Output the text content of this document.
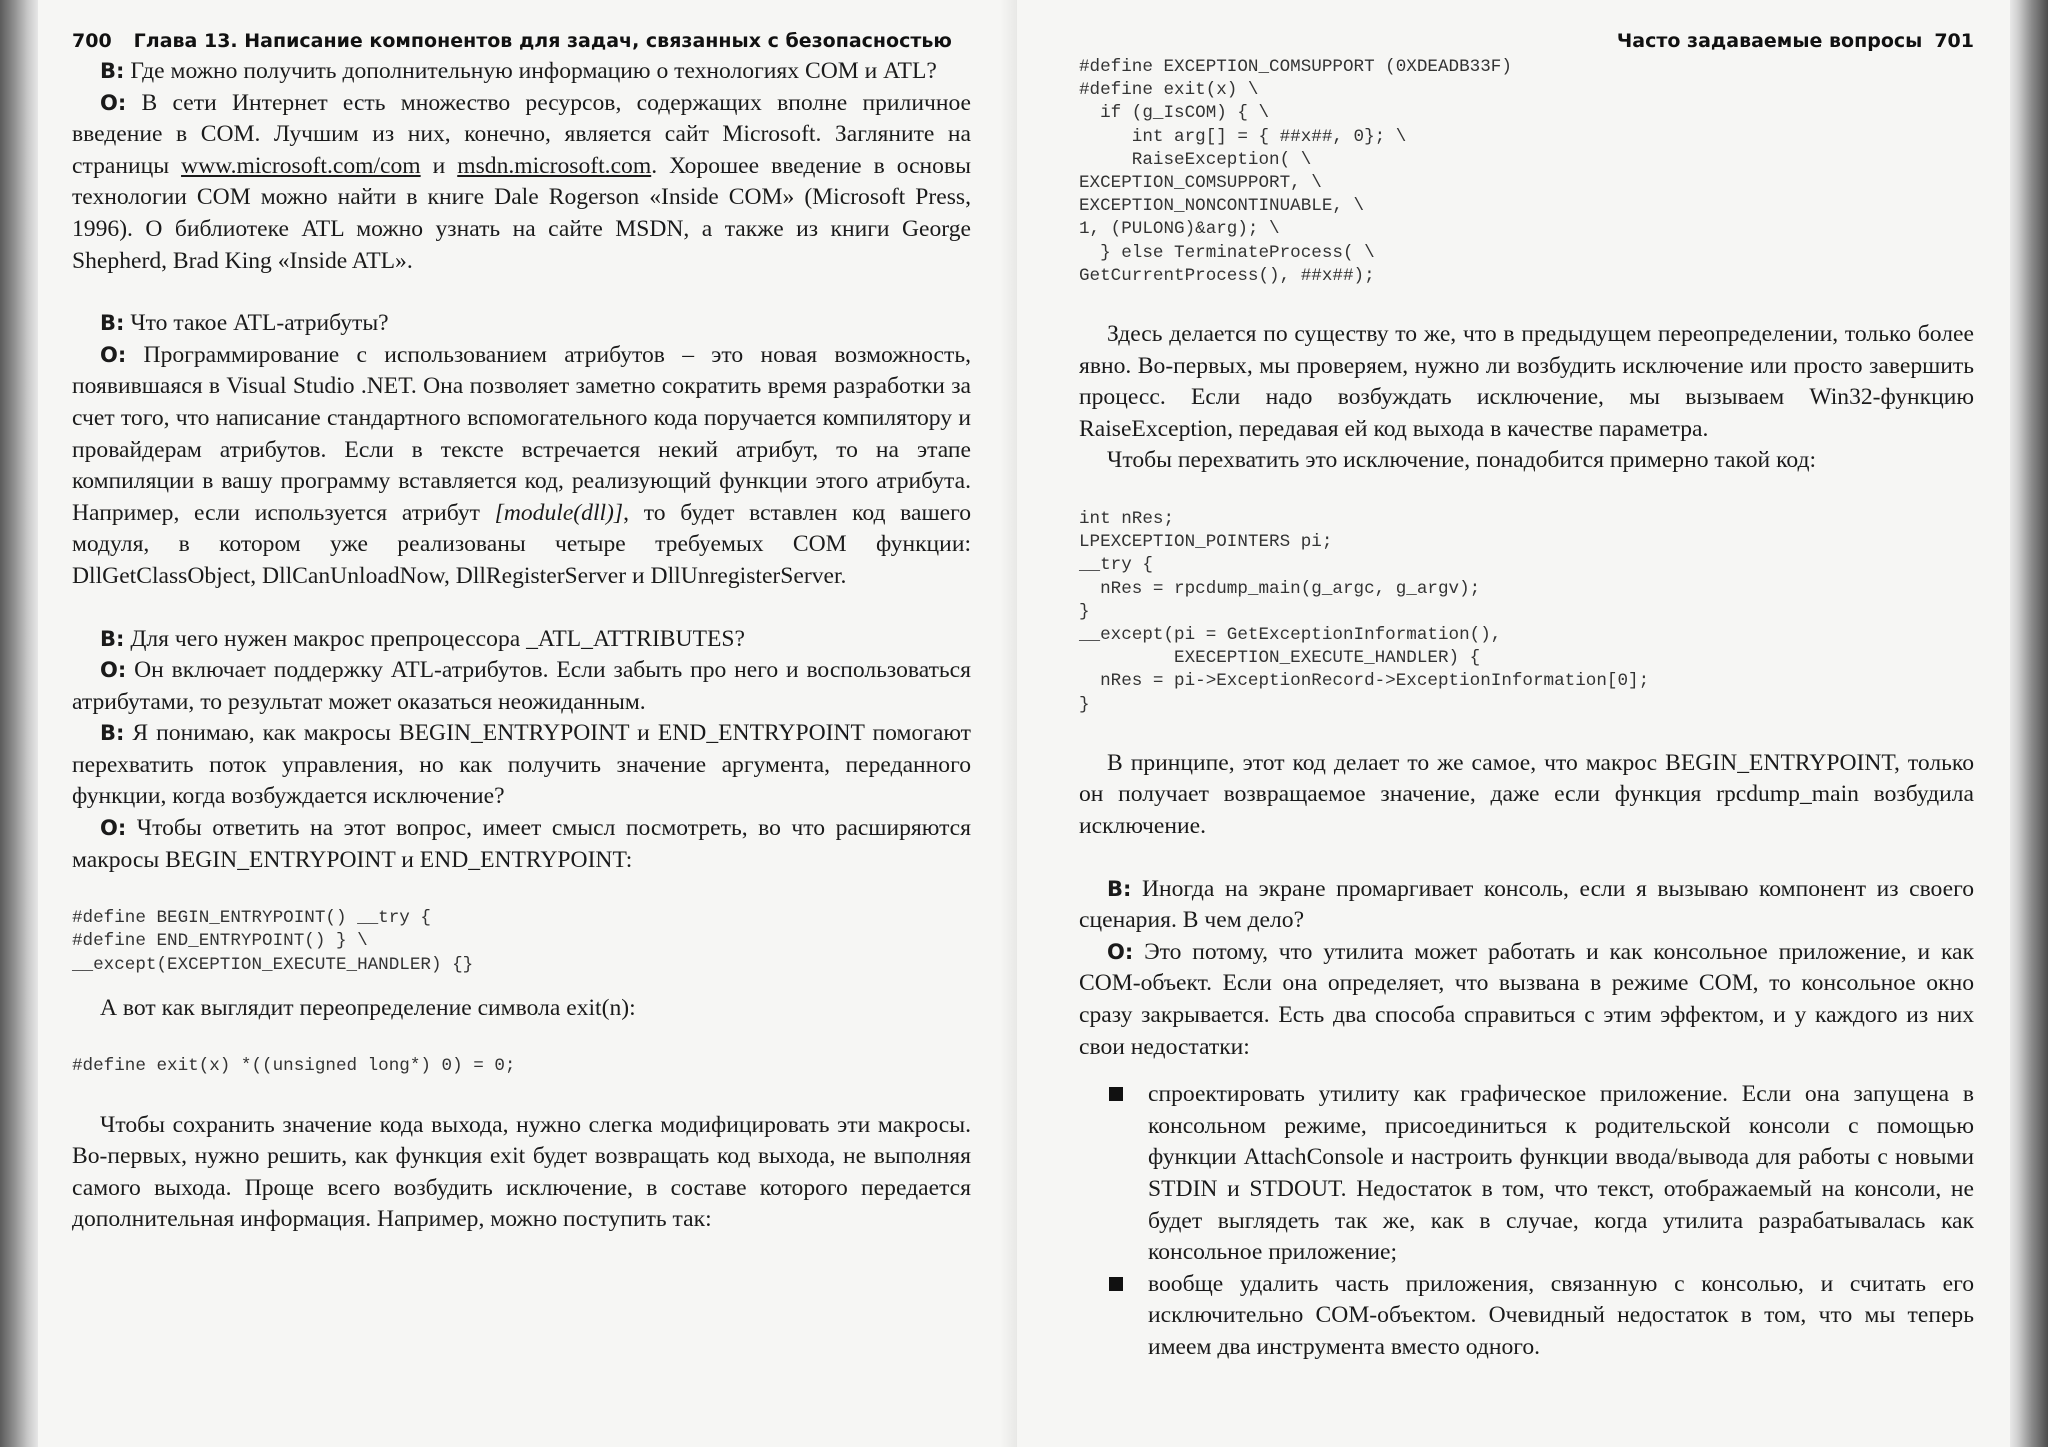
700 Глава 13. Написание компонентов для задач, связанных с безопасностью

В: Где можно получить дополнительную информацию о технологиях COM и ATL?

О: В сети Интернет есть множество ресурсов, содержащих вполне приличное введение в COM. Лучшим из них, конечно, является сайт Microsoft. Загляните на страницы www.microsoft.com/com и msdn.microsoft.com. Хорошее введение в основы технологии COM можно найти в книге Dale Rogerson «Inside COM» (Microsoft Press, 1996). О библиотеке ATL можно узнать на сайте MSDN, а также из книги George Shepherd, Brad King «Inside ATL».

В: Что такое ATL-атрибуты?

О: Программирование с использованием атрибутов – это новая возможность, появившаяся в Visual Studio .NET. Она позволяет заметно сократить время разработки за счет того, что написание стандартного вспомогательного кода поручается компилятору и провайдерам атрибутов. Если в тексте встречается некий атрибут, то на этапе компиляции в вашу программу вставляется код, реализующий функции этого атрибута. Например, если используется атрибут [module(dll)], то будет вставлен код вашего модуля, в котором уже реализованы четыре требуемых COM функции: DllGetClassObject, DllCanUnloadNow, DllRegisterServer и DllUnregisterServer.

В: Для чего нужен макрос препроцессора _ATL_ATTRIBUTES?

О: Он включает поддержку ATL-атрибутов. Если забыть про него и воспользоваться атрибутами, то результат может оказаться неожиданным.

В: Я понимаю, как макросы BEGIN_ENTRYPOINT и END_ENTRYPOINT помогают перехватить поток управления, но как получить значение аргумента, переданного функции, когда возбуждается исключение?

О: Чтобы ответить на этот вопрос, имеет смысл посмотреть, во что расширяются макросы BEGIN_ENTRYPOINT и END_ENTRYPOINT:

#define BEGIN_ENTRYPOINT() __try {
#define END_ENTRYPOINT() } \
__except(EXCEPTION_EXECUTE_HANDLER) {}

А вот как выглядит переопределение символа exit(n):

#define exit(x) *((unsigned long*) 0) = 0;

Чтобы сохранить значение кода выхода, нужно слегка модифицировать эти макросы. Во-первых, нужно решить, как функция exit будет возвращать код выхода, не выполняя самого выхода. Проще всего возбудить исключение, в составе которого передается дополнительная информация. Например, можно поступить так:

Часто задаваемые вопросы 701
#define EXCEPTION_COMSUPPORT (0XDEADB33F)
#define exit(x) \
if (g_IsCOM) { \
int arg[] = { ##x##, 0}; \
RaiseException( \
EXCEPTION_COMSUPPORT, \
EXCEPTION_NONCONTINUABLE, \
1, (PULONG)&arg); \
} else TerminateProcess( \
GetCurrentProcess(), ##x##);

Здесь делается по существу то же, что в предыдущем переопределении, только более явно. Во-первых, мы проверяем, нужно ли возбудить исключение или просто завершить процесс. Если надо возбуждать исключение, мы вызываем Win32-функцию RaiseException, передавая ей код выхода в качестве параметра.

Чтобы перехватить это исключение, понадобится примерно такой код:

int nRes;
LPEXCEPTION_POINTERS pi;
__try {
nRes = rpcdump_main(g_argc, g_argv);
}
__except(pi = GetExceptionInformation(),
EXECEPTION_EXECUTE_HANDLER) {
nRes = pi->ExceptionRecord->ExceptionInformation[0];
}

В принципе, этот код делает то же самое, что макрос BEGIN_ENTRYPOINT, только он получает возвращаемое значение, даже если функция rpcdump_main возбудила исключение.

В: Иногда на экране промаргивает консоль, если я вызываю компонент из своего сценария. В чем дело?

О: Это потому, что утилита может работать и как консольное приложение, и как COM-объект. Если она определяет, что вызвана в режиме COM, то консольное окно сразу закрывается. Есть два способа справиться с этим эффектом, и у каждого из них свои недостатки:

спроектировать утилиту как графическое приложение. Если она запущена в консольном режиме, присоединиться к родительской консоли с помощью функции AttachConsole и настроить функции ввода/вывода для работы с новыми STDIN и STDOUT. Недостаток в том, что текст, отображаемый на консоли, не будет выглядеть так же, как в случае, когда утилита разрабатывалась как консольное приложение;
вообще удалить часть приложения, связанную с консолью, и считать его исключительно COM-объектом. Очевидный недостаток в том, что мы теперь имеем два инструмента вместо одного.
